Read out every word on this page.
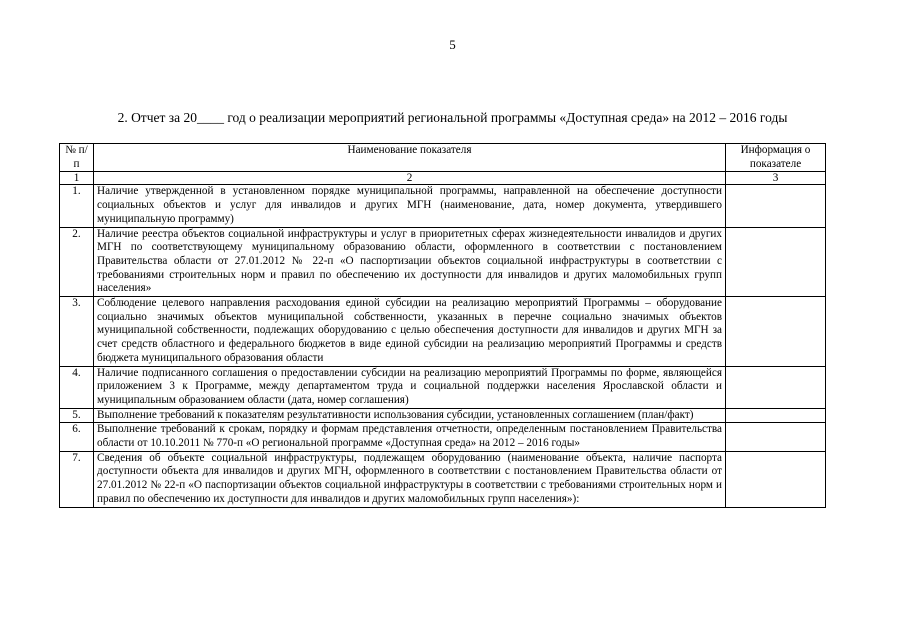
5
2. Отчет за 20____ год о реализации мероприятий региональной программы «Доступная среда» на 2012 – 2016 годы
№ п/п	Наименование показателя	Информация о показателе
1	2	3
1.	Наличие утвержденной в установленном порядке муниципальной программы, направленной на обеспечение доступности социальных объектов и услуг для инвалидов и других МГН (наименование, дата, номер документа, утвердившего муниципальную программу)	
2.	Наличие реестра объектов социальной инфраструктуры и услуг в приоритетных сферах жизнедеятельности инвалидов и других МГН по соответствующему муниципальному образованию области, оформленного в соответствии с постановлением Правительства области от 27.01.2012 № 22-п «О паспортизации объектов социальной инфраструктуры в соответствии с требованиями строительных норм и правил по обеспечению их доступности для инвалидов и других маломобильных групп населения»	
3.	Соблюдение целевого направления расходования единой субсидии на реализацию мероприятий Программы – оборудование социально значимых объектов муниципальной собственности, указанных в перечне социально значимых объектов муниципальной собственности, подлежащих оборудованию с целью обеспечения доступности для инвалидов и других МГН за счет средств областного и федерального бюджетов в виде единой субсидии на реализацию мероприятий Программы и средств бюджета муниципального образования области	
4.	Наличие подписанного соглашения о предоставлении субсидии на реализацию мероприятий Программы по форме, являющейся приложением 3 к Программе, между департаментом труда и социальной поддержки населения Ярославской области и муниципальным образованием области (дата, номер соглашения)	
5.	Выполнение требований к показателям результативности использования субсидии, установленных соглашением (план/факт)	
6.	Выполнение требований к срокам, порядку и формам представления отчетности, определенным постановлением Правительства области от 10.10.2011 № 770-п «О региональной программе «Доступная среда» на 2012 – 2016 годы»	
7.	Сведения об объекте социальной инфраструктуры, подлежащем оборудованию (наименование объекта, наличие паспорта доступности объекта для инвалидов и других МГН, оформленного в соответствии с постановлением Правительства области от 27.01.2012 № 22-п «О паспортизации объектов социальной инфраструктуры в соответствии с требованиями строительных норм и правил по обеспечению их доступности для инвалидов и других маломобильных групп населения»):	
